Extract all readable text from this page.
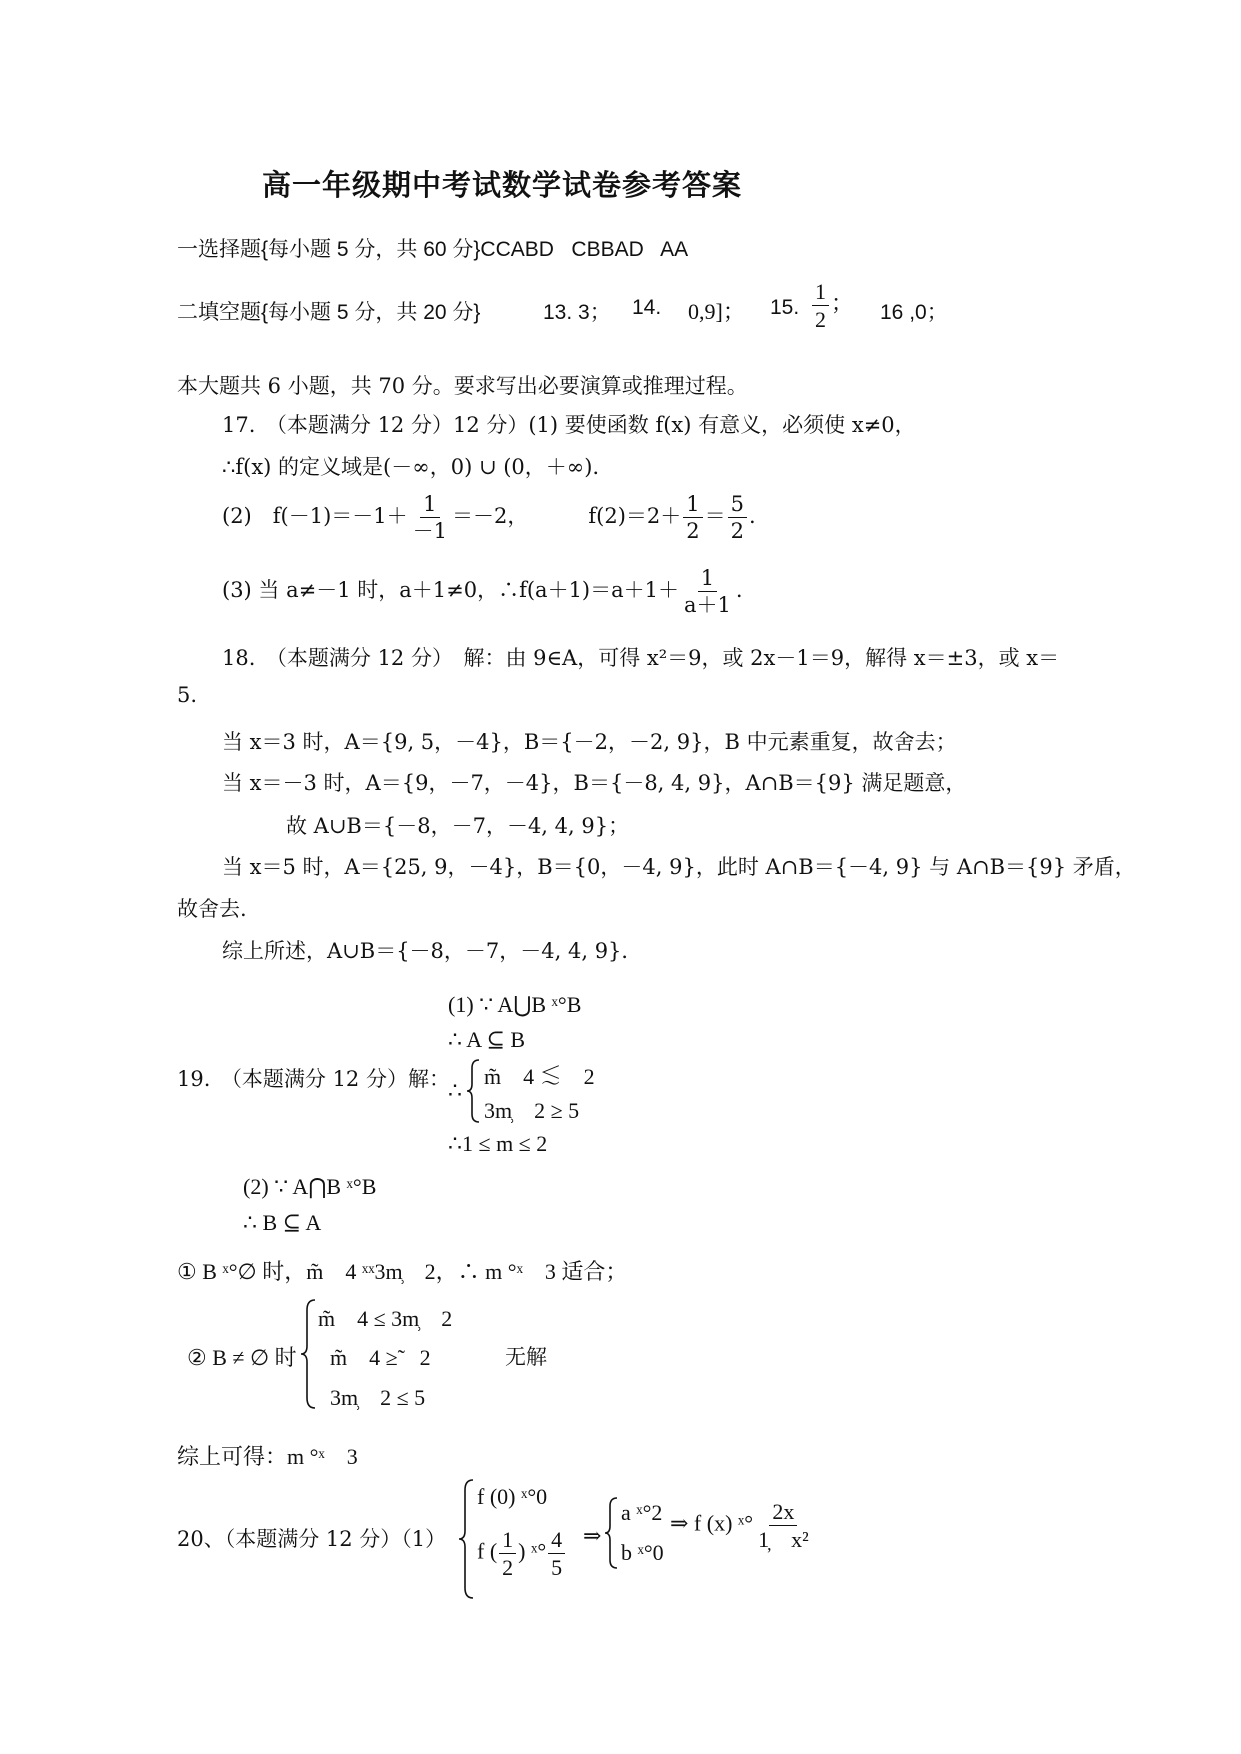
高一年级期中考试数学试卷参考答案
一选择题{每小题 5 分，共 60 分}CCABD   CBBAD   AA
二填空题{每小题 5 分，共 20 分}	13. 3； 14. 0,9]； 15. $\frac{1}{2}$ ； 16 ,0；
本大题共 6 小题，共 70 分。要求写出必要演算或推理过程。
17.　（本题满分 12 分）12 分）(1) 要使函数 f(x) 有意义，必须使 x≠0，
∴f(x) 的定义域是(－∞，0) ∪ (0，＋∞)．
(2)　$f(-1)=-1+ \frac{1}{-1} =-2$，	$f(2)=2+ \frac{1}{2} = \frac{5}{2}$ .
(3) 当 a≠－1 时，a＋1≠0，∴f(a＋1)＝a＋1＋ $\frac{1}{a+1}$ .
18.　（本题满分 12 分）　解：由 9∈A，可得 x²＝9，或 2x－1＝9，解得 x＝±3，或 x＝
5.
当 x＝3 时，A＝{9, 5，－4}，B＝{－2，－2, 9}，B 中元素重复，故舍去；
当 x＝－3 时，A＝{9，－7，－4}，B＝{－8, 4, 9}，A∩B＝{9} 满足题意，
故 A∪B＝{－8，－7，－4, 4, 9}；
当 x＝5 时，A＝{25, 9，－4}，B＝{0，－4, 9}，此时 A∩B＝{－4, 9} 与 A∩B＝{9} 矛盾，
故舍去.
综上所述，A∪B＝{－8，－7，－4, 4, 9}．
(1) ∵ A⋃B ˣ°B
∴ A ⊆ B
19.　（本题满分 12 分）解：
∴
m̃　4 ≲　2
3m̹　2 ≥ 5
∴1 ≤ m ≤ 2
(2) ∵ A⋂B ˣ°B
∴ B ⊆ A
① B ˣ°∅ 时，m̃　4 ˣˣ3m̹　2，∴ m °ˣ　3 适合；
② B ≠ ∅ 时
m̃　4 ≤ 3m̹　2
m̃　4 ≥̃　2
3m̹　2 ≤ 5
无解
综上可得：m °ˣ　3
20、（本题满分 12 分）（1）
f (0) ˣ°0
f ( $\frac{1}{2}$ ) ˣ° $\frac{4}{5}$ ⇒
a ˣ°2
b ˣ°0
⇒ f (x) ˣ° $\frac{2x}{\text{1̦　x²}}$
